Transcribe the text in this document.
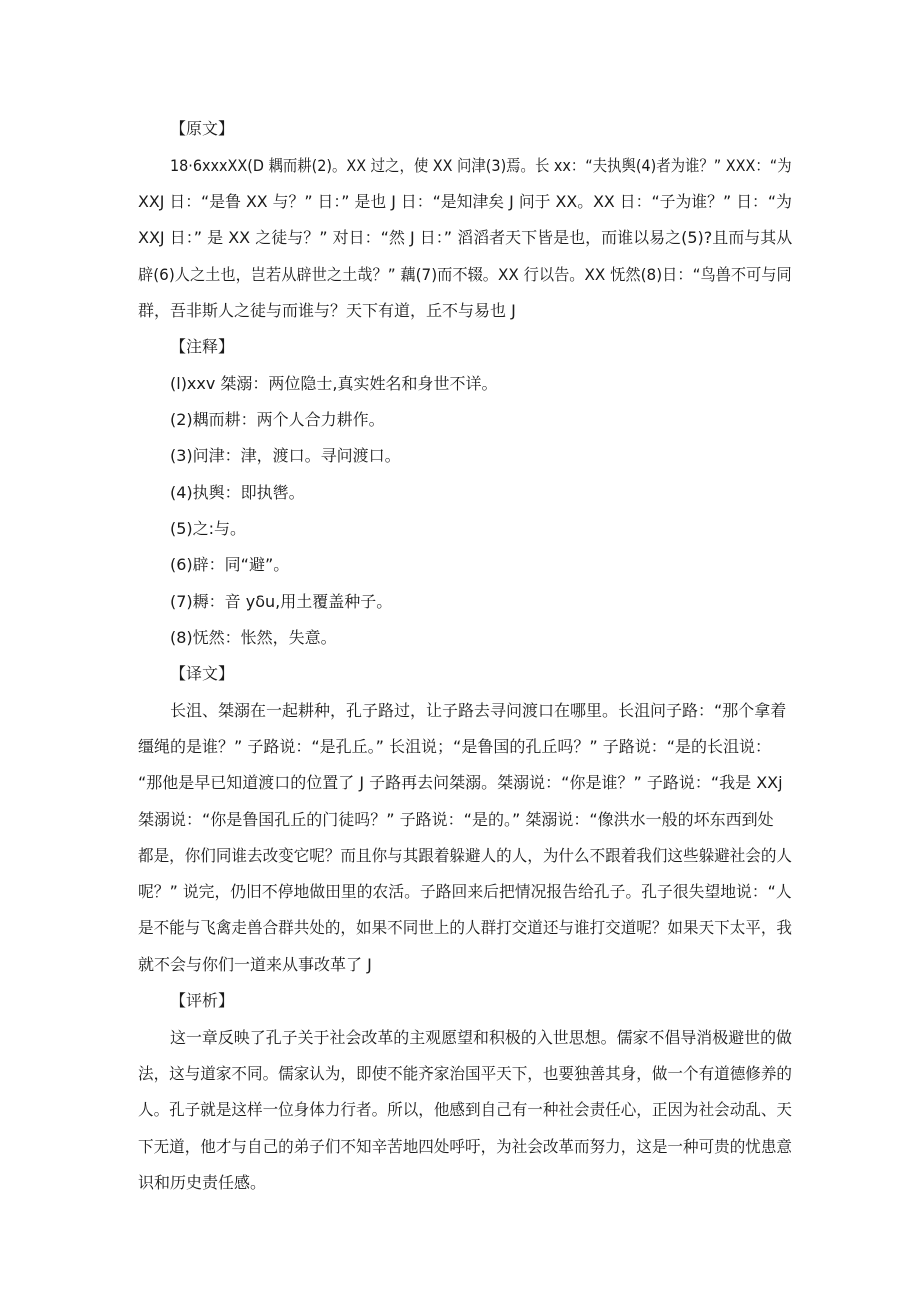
【原文】
18·6xxxXX(D 耦而耕(2)。XX 过之，使 XX 问津(3)焉。长 xx：“夫执舆(4)者为谁？” XXX：“为
XXJ 日：“是鲁 XX 与？” 日：” 是也 J 日：“是知津矣 J 问于 XX。XX 日：“子为谁？” 日：“为
XXJ 日：” 是 XX 之徒与？” 对日：“然 J 日：” 滔滔者天下皆是也，而谁以易之(5)?且而与其从
辟(6)人之土也，岂若从辟世之土哉？” 藕(7)而不辍。XX 行以告。XX 怃然(8)日：“鸟兽不可与同
群，吾非斯人之徒与而谁与？天下有道，丘不与易也 J
【注释】
(l)xxv 桀溺：两位隐士,真实姓名和身世不详。
(2)耦而耕：两个人合力耕作。
(3)问津：津，渡口。寻问渡口。
(4)执舆：即执辔。
(5)之:与。
(6)辟：同“避”。
(7)耨：音 yδu,用土覆盖种子。
(8)怃然：怅然，失意。
【译文】
长沮、桀溺在一起耕种，孔子路过，让子路去寻问渡口在哪里。长沮问子路：“那个拿着
缰绳的是谁？” 子路说：“是孔丘。” 长沮说；“是鲁国的孔丘吗？” 子路说：“是的长沮说：
“那他是早已知道渡口的位置了 J 子路再去问桀溺。桀溺说：“你是谁？” 子路说：“我是 XXj
桀溺说：“你是鲁国孔丘的门徒吗？” 子路说：“是的。” 桀溺说：“像洪水一般的坏东西到处
都是，你们同谁去改变它呢？而且你与其跟着躲避人的人，为什么不跟着我们这些躲避社会的人
呢？” 说完，仍旧不停地做田里的农活。子路回来后把情况报告给孔子。孔子很失望地说：“人
是不能与飞禽走兽合群共处的，如果不同世上的人群打交道还与谁打交道呢？如果天下太平，我
就不会与你们一道来从事改革了 J
【评析】
这一章反映了孔子关于社会改革的主观愿望和积极的入世思想。儒家不倡导消极避世的做
法，这与道家不同。儒家认为，即使不能齐家治国平天下，也要独善其身，做一个有道德修养的
人。孔子就是这样一位身体力行者。所以，他感到自己有一种社会责任心，正因为社会动乱、天
下无道，他才与自己的弟子们不知辛苦地四处呼吁，为社会改革而努力，这是一种可贵的忧患意
识和历史责任感。
